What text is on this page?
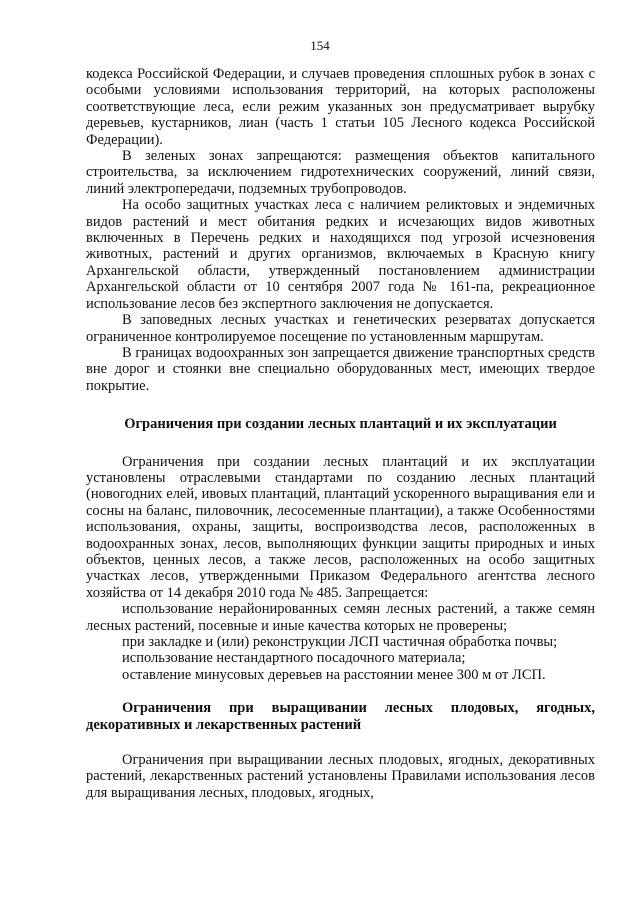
154

кодекса Российской Федерации, и случаев проведения сплошных рубок в зонах с особыми условиями использования территорий, на которых расположены соответствующие леса, если режим указанных зон предусматривает вырубку деревьев, кустарников, лиан (часть 1 статьи 105 Лесного кодекса Российской Федерации).

В зеленых зонах запрещаются: размещения объектов капитального строительства, за исключением гидротехнических сооружений, линий связи, линий электропередачи, подземных трубопроводов.

На особо защитных участках леса с наличием реликтовых и эндемичных видов растений и мест обитания редких и исчезающих видов животных включенных в Перечень редких и находящихся под угрозой исчезновения животных, растений и других организмов, включаемых в Красную книгу Архангельской области, утвержденный постановлением администрации Архангельской области от 10 сентября 2007 года № 161-па, рекреационное использование лесов без экспертного заключения не допускается.

В заповедных лесных участках и генетических резерватах допускается ограниченное контролируемое посещение по установленным маршрутам.

В границах водоохранных зон запрещается движение транспортных средств вне дорог и стоянки вне специально оборудованных мест, имеющих твердое покрытие.

Ограничения при создании лесных плантаций и их эксплуатации

Ограничения при создании лесных плантаций и их эксплуатации установлены отраслевыми стандартами по созданию лесных плантаций (новогодних елей, ивовых плантаций, плантаций ускоренного выращивания ели и сосны на баланс, пиловочник, лесосеменные плантации), а также Особенностями использования, охраны, защиты, воспроизводства лесов, расположенных в водоохранных зонах, лесов, выполняющих функции защиты природных и иных объектов, ценных лесов, а также лесов, расположенных на особо защитных участках лесов, утвержденными Приказом Федерального агентства лесного хозяйства от 14 декабря 2010 года № 485. Запрещается:

использование нерайонированных семян лесных растений, а также семян лесных растений, посевные и иные качества которых не проверены;

при закладке и (или) реконструкции ЛСП частичная обработка почвы;

использование нестандартного посадочного материала;

оставление минусовых деревьев на расстоянии менее 300 м от ЛСП.

Ограничения при выращивании лесных плодовых, ягодных, декоративных и лекарственных растений

Ограничения при выращивании лесных плодовых, ягодных, декоративных растений, лекарственных растений установлены Правилами использования лесов для выращивания лесных, плодовых, ягодных,
